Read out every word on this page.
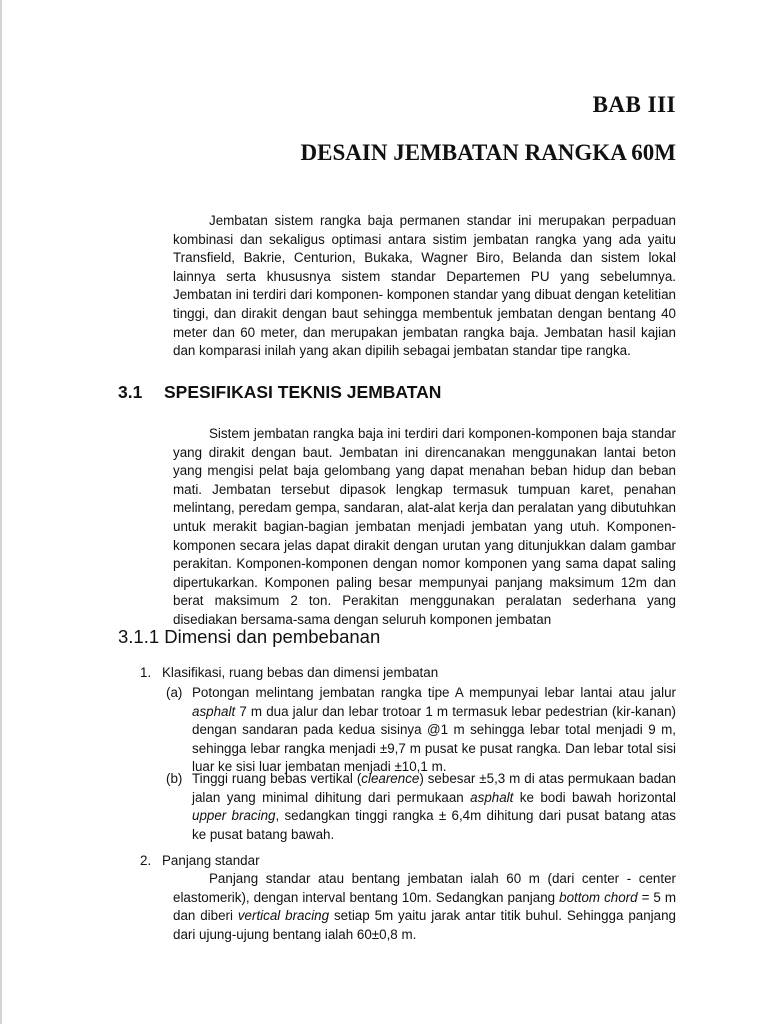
BAB III
DESAIN JEMBATAN RANGKA 60M

Jembatan sistem rangka baja permanen standar ini merupakan perpaduan kombinasi dan sekaligus optimasi antara sistim jembatan rangka yang ada yaitu Transfield, Bakrie, Centurion, Bukaka, Wagner Biro, Belanda dan sistem lokal lainnya serta khususnya sistem standar Departemen PU yang sebelumnya. Jembatan ini terdiri dari komponen- komponen standar yang dibuat dengan ketelitian tinggi, dan dirakit dengan baut sehingga membentuk jembatan dengan bentang 40 meter dan 60 meter, dan merupakan jembatan rangka baja. Jembatan hasil kajian dan komparasi inilah yang akan dipilih sebagai jembatan standar tipe rangka.

3.1 SPESIFIKASI TEKNIS JEMBATAN

Sistem jembatan rangka baja ini terdiri dari komponen-komponen baja standar yang dirakit dengan baut. Jembatan ini direncanakan menggunakan lantai beton yang mengisi pelat baja gelombang yang dapat menahan beban hidup dan beban mati. Jembatan tersebut dipasok lengkap termasuk tumpuan karet, penahan melintang, peredam gempa, sandaran, alat-alat kerja dan peralatan yang dibutuhkan untuk merakit bagian-bagian jembatan menjadi jembatan yang utuh. Komponen-komponen secara jelas dapat dirakit dengan urutan yang ditunjukkan dalam gambar perakitan. Komponen-komponen dengan nomor komponen yang sama dapat saling dipertukarkan. Komponen paling besar mempunyai panjang maksimum 12m dan berat maksimum 2 ton. Perakitan menggunakan peralatan sederhana yang disediakan bersama-sama dengan seluruh komponen jembatan

3.1.1 Dimensi dan pembebanan

1. Klasifikasi, ruang bebas dan dimensi jembatan

(a) Potongan melintang jembatan rangka tipe A mempunyai lebar lantai atau jalur asphalt 7 m dua jalur dan lebar trotoar 1 m termasuk lebar pedestrian (kir-kanan) dengan sandaran pada kedua sisinya @1 m sehingga lebar total menjadi 9 m, sehingga lebar rangka menjadi ±9,7 m pusat ke pusat rangka. Dan lebar total sisi luar ke sisi luar jembatan menjadi ±10,1 m.
(b) Tinggi ruang bebas vertikal (clearence) sebesar ±5,3 m di atas permukaan badan jalan yang minimal dihitung dari permukaan asphalt ke bodi bawah horizontal upper bracing, sedangkan tinggi rangka ± 6,4m dihitung dari pusat batang atas ke pusat batang bawah.

2. Panjang standar

Panjang standar atau bentang jembatan ialah 60 m (dari center - center elastomerik), dengan interval bentang 10m. Sedangkan panjang bottom chord = 5 m dan diberi vertical bracing setiap 5m yaitu jarak antar titik buhul. Sehingga panjang dari ujung-ujung bentang ialah 60±0,8 m.
